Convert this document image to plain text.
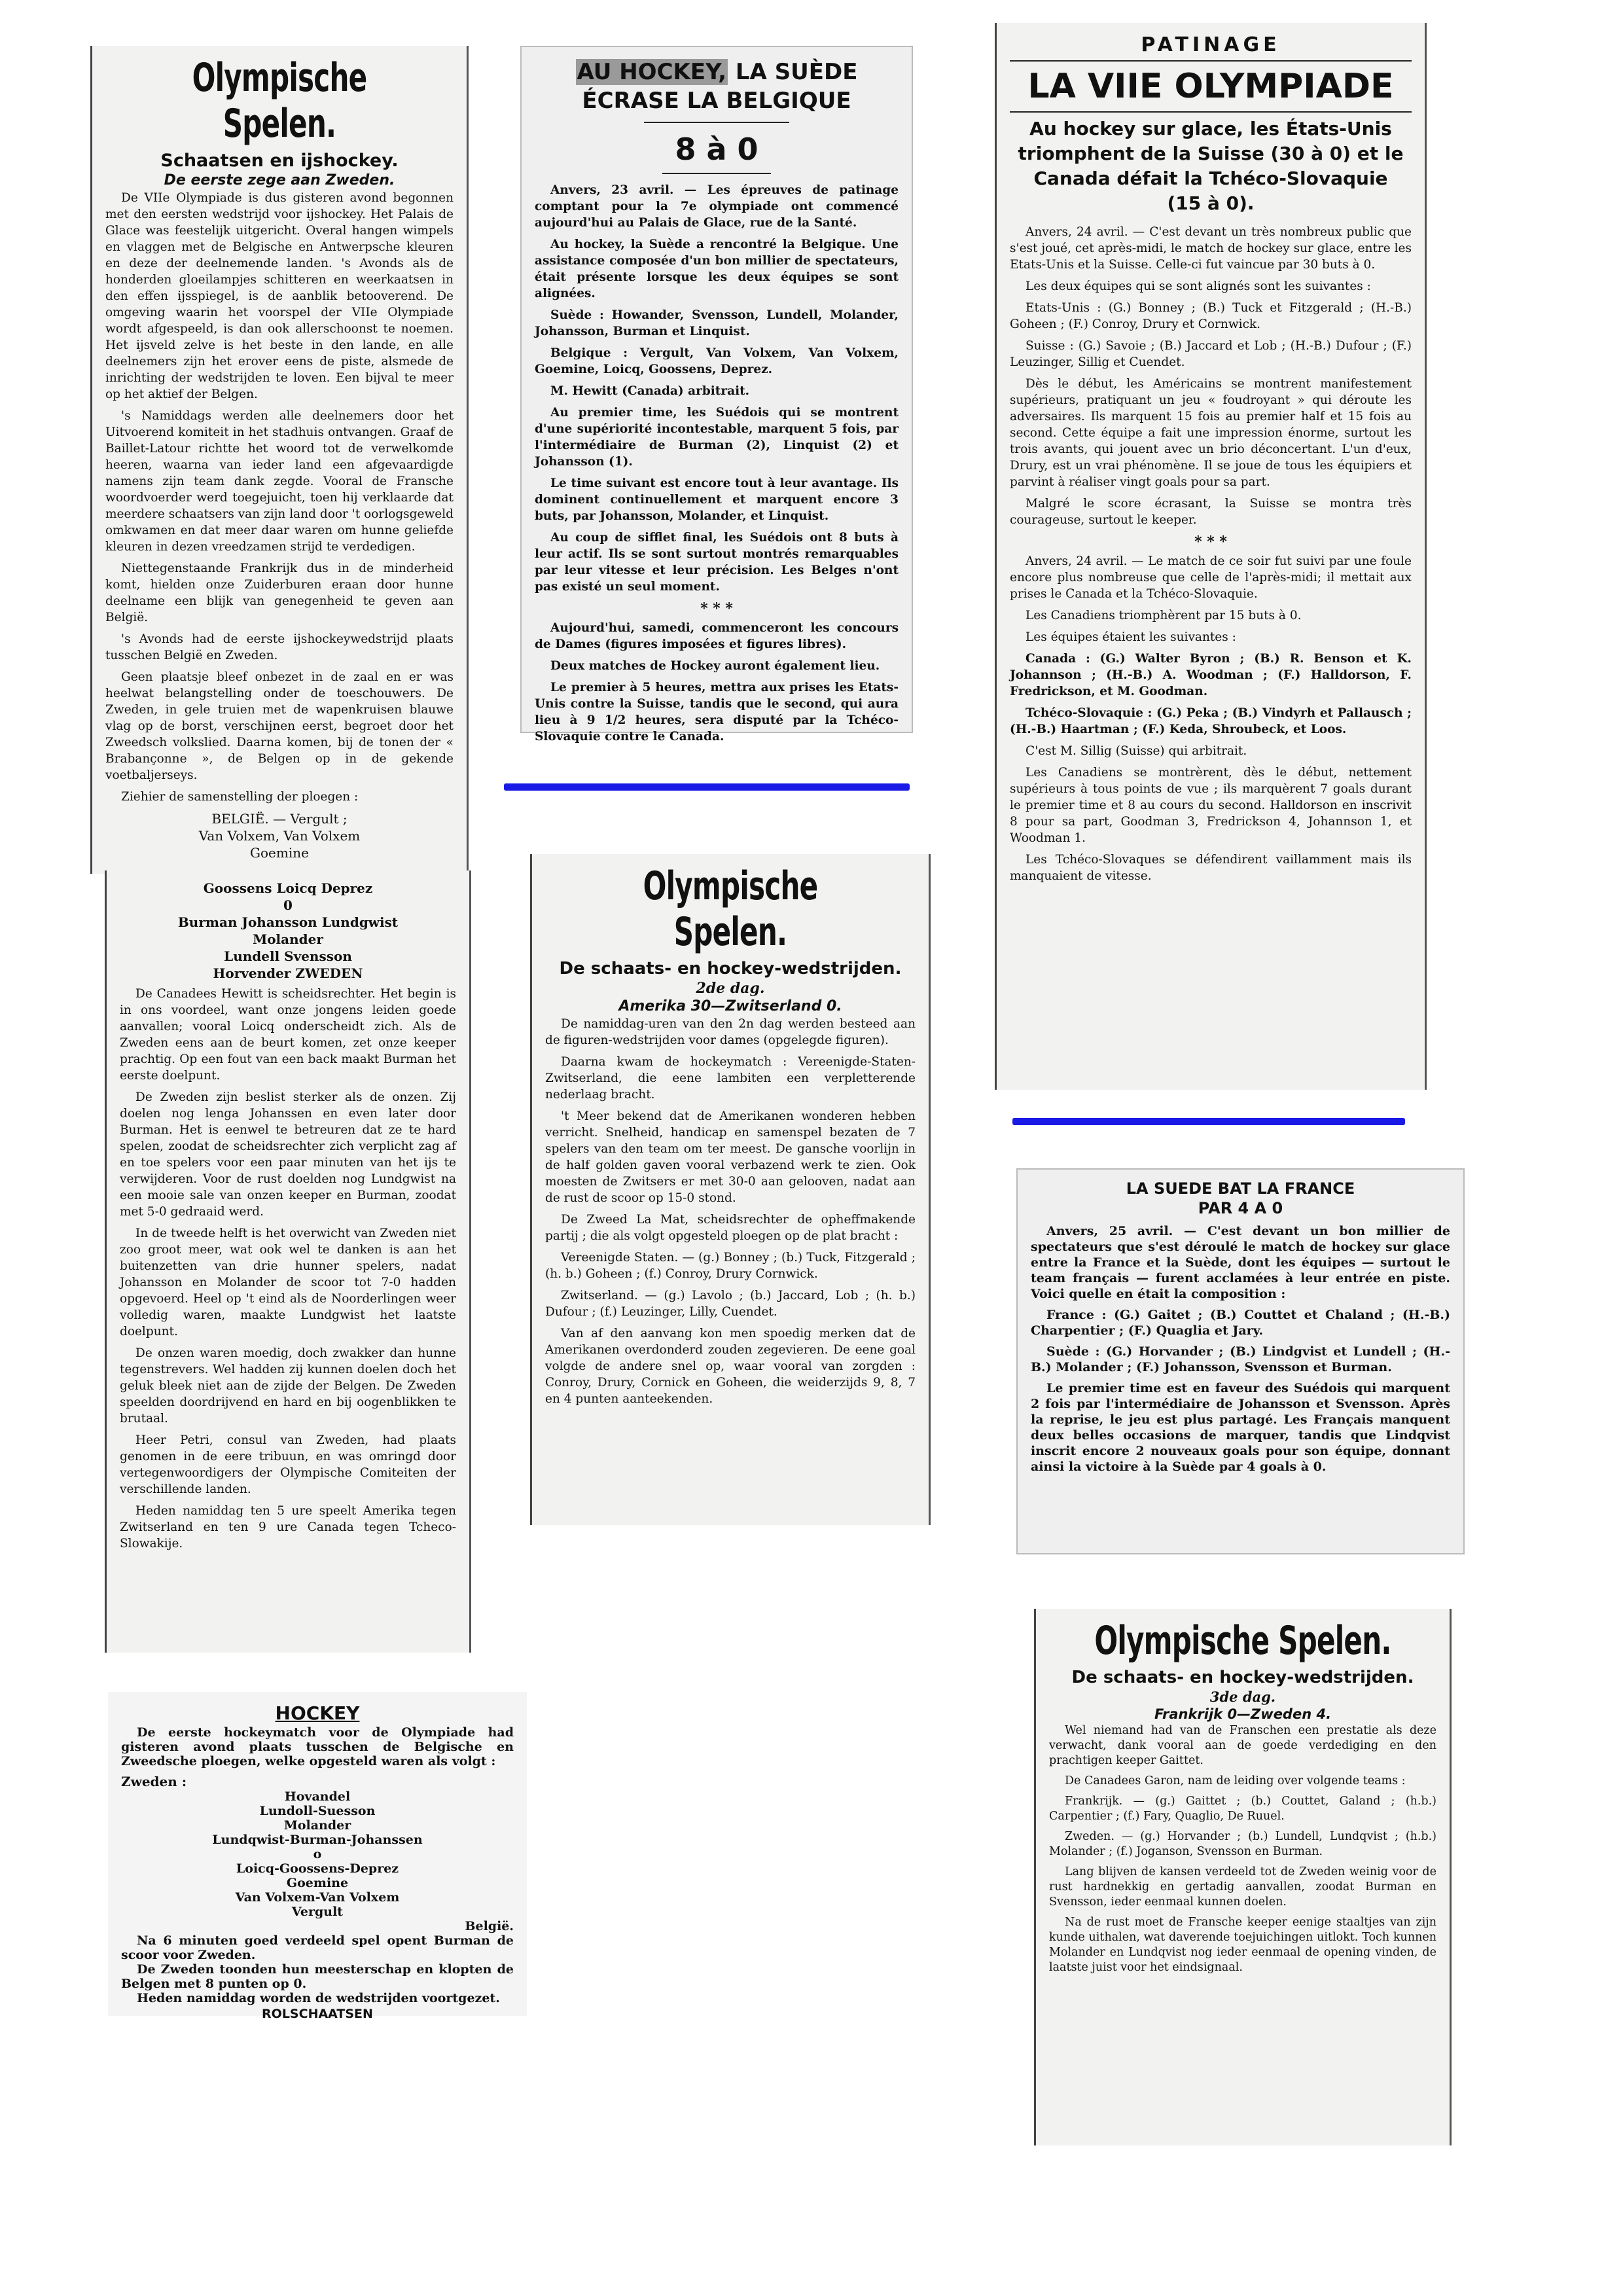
Olympische Spelen.
Schaatsen en ijshockey.
De eerste zege aan Zweden.

De VIIe Olympiade is dus gisteren avond begonnen met den eersten wedstrijd voor ijshockey. Het Palais de Glace was feestelijk uitgericht. Overal hangen wimpels en vlaggen met de Belgische en Antwerpsche kleuren en deze der deelnemende landen. 's Avonds als de honderden gloeilampjes schitteren en weerkaatsen in den effen ijsspiegel, is de aanblik betooverend. De omgeving waarin het voorspel der VIIe Olympiade wordt afgespeeld, is dan ook allerschoonst te noemen. Het ijsveld zelve is het beste in den lande, en alle deelnemers zijn het erover eens de piste, alsmede de inrichting der wedstrijden te loven. Een bijval te meer op het aktief der Belgen.

's Namiddags werden alle deelnemers door het Uitvoerend komiteit in het stadhuis ontvangen. Graaf de Baillet-Latour richtte het woord tot de verwelkomde heeren, waarna van ieder land een afgevaardigde namens zijn team dank zegde. Vooral de Fransche woordvoerder werd toegejuicht, toen hij verklaarde dat meerdere schaatsers van zijn land door 't oorlogsgeweld omkwamen en dat meer daar waren om hunne geliefde kleuren in dezen vreedzamen strijd te verdedigen.

Niettegenstaande Frankrijk dus in de minderheid komt, hielden onze Zuiderburen eraan door hunne deelname een blijk van genegenheid te geven aan België.

's Avonds had de eerste ijshockeywedstrijd plaats tusschen België en Zweden.

Geen plaatsje bleef onbezet in de zaal en er was heelwat belangstelling onder de toeschouwers. De Zweden, in gele truien met de wapenkruisen blauwe vlag op de borst, verschijnen eerst, begroet door het Zweedsch volkslied. Daarna komen, bij de tonen der « Brabançonne », de Belgen op in de gekende voetbaljerseys.

Ziehier de samenstelling der ploegen :

BELGIË. — Vergult ;
Van Volxem, Van Volxem
Goemine
Goossens Loicq Deprez
0
Burman Johansson Lundgwist
Molander
Lundell Svensson
Horvender ZWEDEN

De Canadees Hewitt is scheidsrechter. Het begin is in ons voordeel, want onze jongens leiden goede aanvallen; vooral Loicq onderscheidt zich. Als de Zweden eens aan de beurt komen, zet onze keeper prachtig. Op een fout van een back maakt Burman het eerste doelpunt.

De Zweden zijn beslist sterker als de onzen. Zij doelen nog lenga Johanssen en even later door Burman. Het is eenwel te betreuren dat ze te hard spelen, zoodat de scheidsrechter zich verplicht zag af en toe spelers voor een paar minuten van het ijs te verwijderen. Voor de rust doelden nog Lundgwist na een mooie sale van onzen keeper en Burman, zoodat met 5-0 gedraaid werd.

In de tweede helft is het overwicht van Zweden niet zoo groot meer, wat ook wel te danken is aan het buitenzetten van drie hunner spelers, nadat Johansson en Molander de scoor tot 7-0 hadden opgevoerd. Heel op 't eind als de Noorderlingen weer volledig waren, maakte Lundgwist het laatste doelpunt.

De onzen waren moedig, doch zwakker dan hunne tegenstrevers. Wel hadden zij kunnen doelen doch het geluk bleek niet aan de zijde der Belgen. De Zweden speelden doordrijvend en hard en bij oogenblikken te brutaal.

Heer Petri, consul van Zweden, had plaats genomen in de eere tribuun, en was omringd door vertegenwoordigers der Olympische Comiteiten der verschillende landen.

Heden namiddag ten 5 ure speelt Amerika tegen Zwitserland en ten 9 ure Canada tegen Tcheco-Slowakije.

HOCKEY

De eerste hockeymatch voor de Olympiade had gisteren avond plaats tusschen de Belgische en Zweedsche ploegen, welke opgesteld waren als volgt :

Zweden :
Hovandel
Lundoll-Suesson
Molander
Lundqwist-Burman-Johanssen
o
Loicq-Goossens-Deprez
Goemine
Van Volxem-Van Volxem
Vergult
België.

Na 6 minuten goed verdeeld spel opent Burman de scoor voor Zweden.

De Zweden toonden hun meesterschap en klopten de Belgen met 8 punten op 0.

Heden namiddag worden de wedstrijden voortgezet.

ROLSCHAATSEN
AU HOCKEY, LA SUÈDE ÉCRASE LA BELGIQUE
8 à 0

Anvers, 23 avril. — Les épreuves de patinage comptant pour la 7e olympiade ont commencé aujourd'hui au Palais de Glace, rue de la Santé.

Au hockey, la Suède a rencontré la Belgique. Une assistance composée d'un bon millier de spectateurs, était présente lorsque les deux équipes se sont alignées.

Suède : Howander, Svensson, Lundell, Molander, Johansson, Burman et Linquist.

Belgique : Vergult, Van Volxem, Van Volxem, Goemine, Loicq, Goossens, Deprez.

M. Hewitt (Canada) arbitrait.

Au premier time, les Suédois qui se montrent d'une supériorité incontestable, marquent 5 fois, par l'intermédiaire de Burman (2), Linquist (2) et Johansson (1).

Le time suivant est encore tout à leur avantage. Ils dominent continuellement et marquent encore 3 buts, par Johansson, Molander, et Linquist.

Au coup de sifflet final, les Suédois ont 8 buts à leur actif. Ils se sont surtout montrés remarquables par leur vitesse et leur précision. Les Belges n'ont pas existé un seul moment.

* * *

Aujourd'hui, samedi, commenceront les concours de Dames (figures imposées et figures libres).

Deux matches de Hockey auront également lieu.

Le premier à 5 heures, mettra aux prises les Etats-Unis contre la Suisse, tandis que le second, qui aura lieu à 9 1/2 heures, sera disputé par la Tchéco-Slovaquie contre le Canada.

Olympische Spelen.
De schaats- en hockey-wedstrijden.
2de dag.
Amerika 30—Zwitserland 0.

De namiddag-uren van den 2n dag werden besteed aan de figuren-wedstrijden voor dames (opgelegde figuren).

Daarna kwam de hockeymatch : Vereenigde-Staten-Zwitserland, die eene lambiten een verpletterende nederlaag bracht.

't Meer bekend dat de Amerikanen wonderen hebben verricht. Snelheid, handicap en samenspel bezaten de 7 spelers van den team om ter meest. De gansche voorlijn in de half golden gaven vooral verbazend werk te zien. Ook moesten de Zwitsers er met 30-0 aan gelooven, nadat aan de rust de scoor op 15-0 stond.

De Zweed La Mat, scheidsrechter de opheffmakende partij ; die als volgt opgesteld ploegen op de plat bracht :

Vereenigde Staten. — (g.) Bonney ; (b.) Tuck, Fitzgerald ; (h. b.) Goheen ; (f.) Conroy, Drury Cornwick.

Zwitserland. — (g.) Lavolo ; (b.) Jaccard, Lob ; (h. b.) Dufour ; (f.) Leuzinger, Lilly, Cuendet.

Van af den aanvang kon men spoedig merken dat de Amerikanen overdonderd zouden zegevieren. De eene goal volgde de andere snel op, waar vooral van zorgden : Conroy, Drury, Cornick en Goheen, die weiderzijds 9, 8, 7 en 4 punten aanteekenden.

PATINAGE
LA VIIE OLYMPIADE
Au hockey sur glace, les États-Unis triomphent de la Suisse (30 à 0) et le Canada défait la Tchéco-Slovaquie (15 à 0).

Anvers, 24 avril. — C'est devant un très nombreux public que s'est joué, cet après-midi, le match de hockey sur glace, entre les Etats-Unis et la Suisse. Celle-ci fut vaincue par 30 buts à 0.

Les deux équipes qui se sont alignés sont les suivantes :

Etats-Unis : (G.) Bonney ; (B.) Tuck et Fitzgerald ; (H.-B.) Goheen ; (F.) Conroy, Drury et Cornwick.

Suisse : (G.) Savoie ; (B.) Jaccard et Lob ; (H.-B.) Dufour ; (F.) Leuzinger, Sillig et Cuendet.

Dès le début, les Américains se montrent manifestement supérieurs, pratiquant un jeu « foudroyant » qui déroute les adversaires. Ils marquent 15 fois au premier half et 15 fois au second. Cette équipe a fait une impression énorme, surtout les trois avants, qui jouent avec un brio déconcertant. L'un d'eux, Drury, est un vrai phénomène. Il se joue de tous les équipiers et parvint à réaliser vingt goals pour sa part.

Malgré le score écrasant, la Suisse se montra très courageuse, surtout le keeper.

* * *

Anvers, 24 avril. — Le match de ce soir fut suivi par une foule encore plus nombreuse que celle de l'après-midi; il mettait aux prises le Canada et la Tchéco-Slovaquie.

Les Canadiens triomphèrent par 15 buts à 0.

Les équipes étaient les suivantes :

Canada : (G.) Walter Byron ; (B.) R. Benson et K. Johannson ; (H.-B.) A. Woodman ; (F.) Halldorson, F. Fredrickson, et M. Goodman.

Tchéco-Slovaquie : (G.) Peka ; (B.) Vindyrh et Pallausch ; (H.-B.) Haartman ; (F.) Keda, Shroubeck, et Loos.

C'est M. Sillig (Suisse) qui arbitrait.

Les Canadiens se montrèrent, dès le début, nettement supérieurs à tous points de vue ; ils marquèrent 7 goals durant le premier time et 8 au cours du second. Halldorson en inscrivit 8 pour sa part, Goodman 3, Fredrickson 4, Johannson 1, et Woodman 1.

Les Tchéco-Slovaques se défendirent vaillamment mais ils manquaient de vitesse.

LA SUEDE BAT LA FRANCE PAR 4 A 0

Anvers, 25 avril. — C'est devant un bon millier de spectateurs que s'est déroulé le match de hockey sur glace entre la France et la Suède, dont les équipes — surtout le team français — furent acclamées à leur entrée en piste. Voici quelle en était la composition :

France : (G.) Gaitet ; (B.) Couttet et Chaland ; (H.-B.) Charpentier ; (F.) Quaglia et Jary.

Suède : (G.) Horvander ; (B.) Lindgvist et Lundell ; (H.-B.) Molander ; (F.) Johansson, Svensson et Burman.

Le premier time est en faveur des Suédois qui marquent 2 fois par l'intermédiaire de Johansson et Svensson. Après la reprise, le jeu est plus partagé. Les Français manquent deux belles occasions de marquer, tandis que Lindqvist inscrit encore 2 nouveaux goals pour son équipe, donnant ainsi la victoire à la Suède par 4 goals à 0.

Olympische Spelen.
De schaats- en hockey-wedstrijden.
3de dag.
Frankrijk 0—Zweden 4.

Wel niemand had van de Franschen een prestatie als deze verwacht, dank vooral aan de goede verdediging en den prachtigen keeper Gaittet.

De Canadees Garon, nam de leiding over volgende teams :

Frankrijk. — (g.) Gaittet ; (b.) Couttet, Galand ; (h.b.) Carpentier ; (f.) Fary, Quaglio, De Ruuel.

Zweden. — (g.) Horvander ; (b.) Lundell, Lundqvist ; (h.b.) Molander ; (f.) Joganson, Svensson en Burman.

Lang blijven de kansen verdeeld tot de Zweden weinig voor de rust hardnekkig en gertadig aanvallen, zoodat Burman en Svensson, ieder eenmaal kunnen doelen.

Na de rust moet de Fransche keeper eenige staaltjes van zijn kunde uithalen, wat daverende toejuichingen uitlokt. Toch kunnen Molander en Lundqvist nog ieder eenmaal de opening vinden, de laatste juist voor het eindsignaal.
